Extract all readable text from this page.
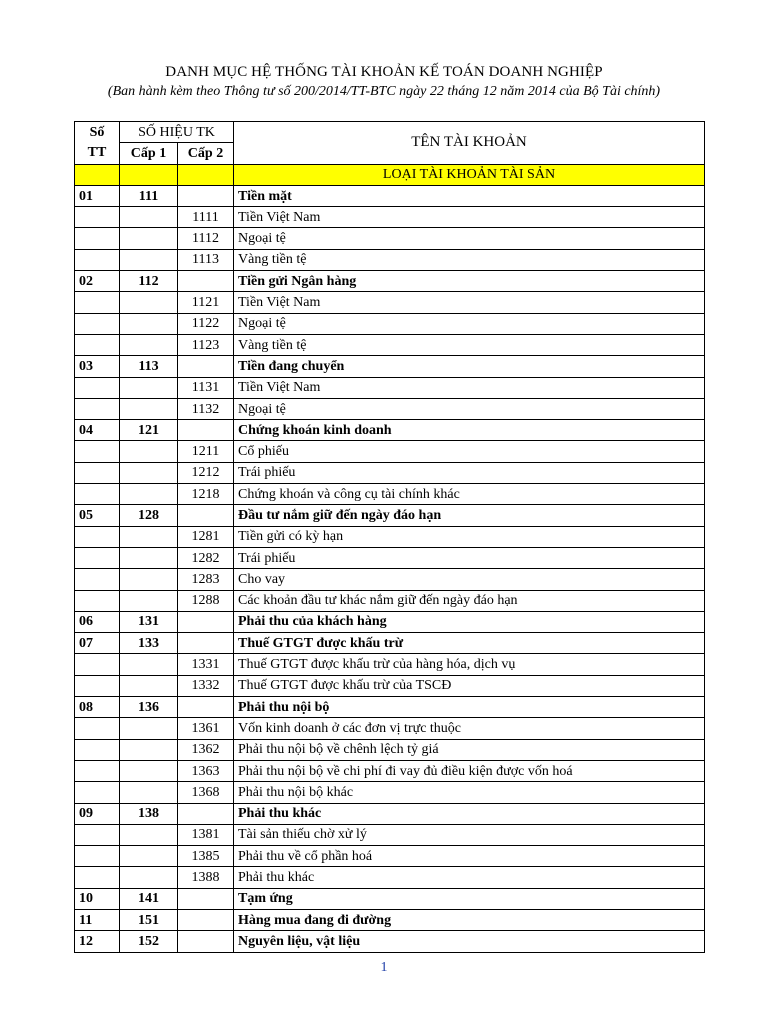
DANH MỤC HỆ THỐNG TÀI KHOẢN KẾ TOÁN DOANH NGHIỆP
(Ban hành kèm theo Thông tư số 200/2014/TT-BTC ngày 22 tháng 12 năm 2014 của Bộ Tài chính)
Số
TT	SỐ HIỆU TK		TÊN TÀI KHOẢN
	Cấp 1	Cấp 2	
			LOẠI TÀI KHOẢN TÀI SẢN
01	111		Tiền mặt
		1111	Tiền Việt Nam
		1112	Ngoại tệ
		1113	Vàng tiền tệ
02	112		Tiền gửi Ngân hàng
		1121	Tiền Việt Nam
		1122	Ngoại tệ
		1123	Vàng tiền tệ
03	113		Tiền đang chuyển
		1131	Tiền Việt Nam
		1132	Ngoại tệ
04	121		Chứng khoán kinh doanh
		1211	Cổ phiếu
		1212	Trái phiếu
		1218	Chứng khoán và công cụ tài chính khác
05	128		Đầu tư nắm giữ đến ngày đáo hạn
		1281	Tiền gửi có kỳ hạn
		1282	Trái phiếu
		1283	Cho vay
		1288	Các khoản đầu tư khác nắm giữ đến ngày đáo hạn
06	131		Phải thu của khách hàng
07	133		Thuế GTGT được khấu trừ
		1331	Thuế GTGT được khấu trừ của hàng hóa, dịch vụ
		1332	Thuế GTGT được khấu trừ của TSCĐ
08	136		Phải thu nội bộ
		1361	Vốn kinh doanh ở các đơn vị trực thuộc
		1362	Phải thu nội bộ về chênh lệch tỷ giá
		1363	Phải thu nội bộ về chi phí đi vay đủ điều kiện được vốn hoá
		1368	Phải thu nội bộ khác
09	138		Phải thu khác
		1381	Tài sản thiếu chờ xử lý
		1385	Phải thu về cổ phần hoá
		1388	Phải thu khác
10	141		Tạm ứng
11	151		Hàng mua đang đi đường
12	152		Nguyên liệu, vật liệu
1
